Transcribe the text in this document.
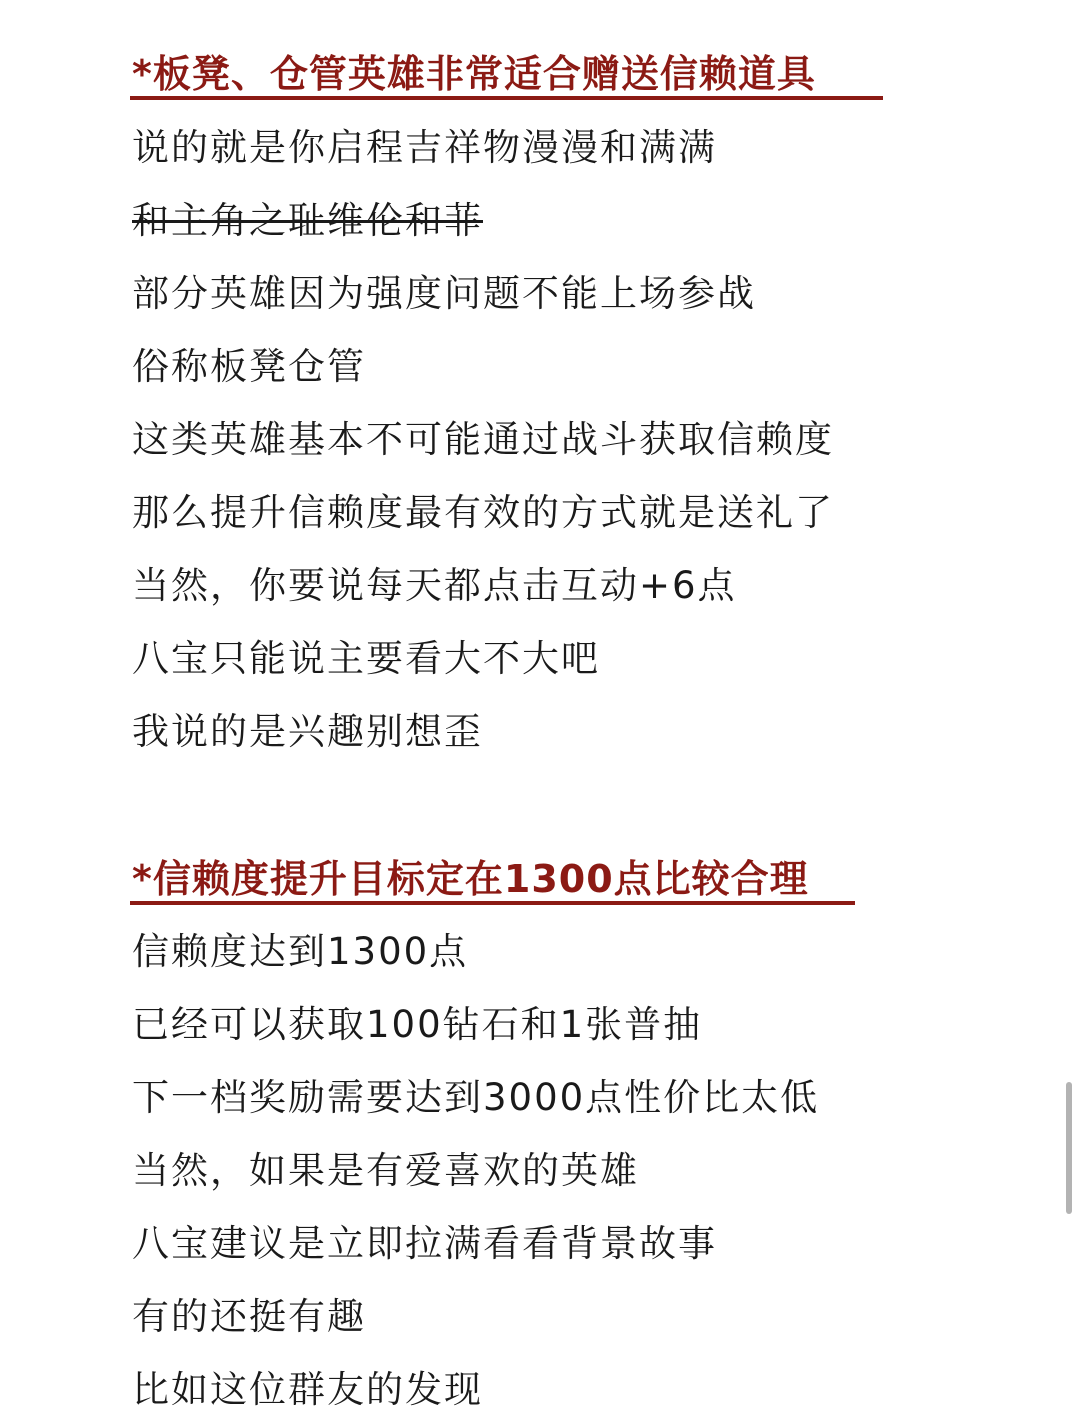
*板凳、仓管英雄非常适合赠送信赖道具
说的就是你启程吉祥物漫漫和满满
和主角之耻维伦和菲
部分英雄因为强度问题不能上场参战
俗称板凳仓管
这类英雄基本不可能通过战斗获取信赖度
那么提升信赖度最有效的方式就是送礼了
当然，你要说每天都点击互动+6点
八宝只能说主要看大不大吧
我说的是兴趣别想歪
*信赖度提升目标定在1300点比较合理
信赖度达到1300点
已经可以获取100钻石和1张普抽
下一档奖励需要达到3000点性价比太低
当然，如果是有爱喜欢的英雄
八宝建议是立即拉满看看背景故事
有的还挺有趣
比如这位群友的发现
